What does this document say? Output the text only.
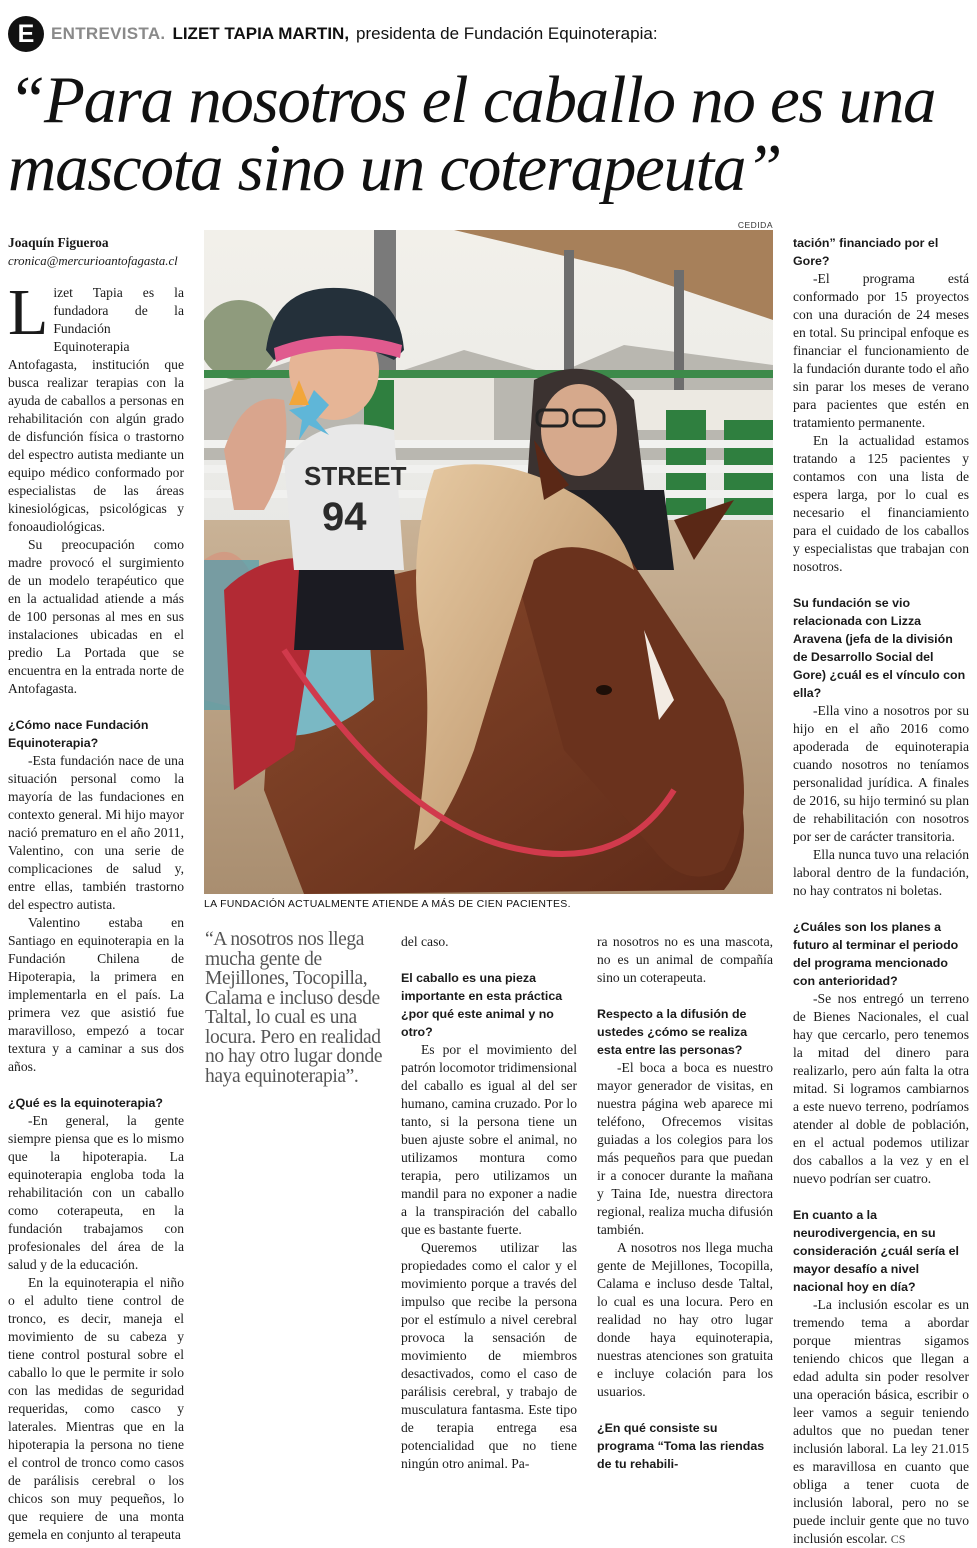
E ENTREVISTA. LIZET TAPIA MARTIN, presidenta de Fundación Equinoterapia:
“Para nosotros el caballo no es una
mascota sino un coterapeuta”

Joaquín Figueroa

cronica@mercurioantofagasta.cl

Lizet Tapia es la fundadora de la Fundación Equinoterapia Antofagasta, institución que busca realizar terapias con la ayuda de caballos a personas en rehabilitación con algún grado de disfunción física o trastorno del espectro autista mediante un equipo médico conformado por especialistas de las áreas kinesiológicas, psicológicas y fonoaudiológicas.

Su preocupación como madre provocó el surgimiento de un modelo terapéutico que en la actualidad atiende a más de 100 personas al mes en sus instalaciones ubicadas en el predio La Portada que se encuentra en la entrada norte de Antofagasta.

¿Cómo nace Fundación Equinoterapia?

-Esta fundación nace de una situación personal como la mayoría de las fundaciones en contexto general. Mi hijo mayor nació prematuro en el año 2011, Valentino, con una serie de complicaciones de salud y, entre ellas, también trastorno del espectro autista.

Valentino estaba en Santiago en equinoterapia en la Fundación Chilena de Hipoterapia, la primera en implementarla en el país. La primera vez que asistió fue maravilloso, empezó a tocar textura y a caminar a sus dos años.

¿Qué es la equinoterapia?

-En general, la gente siempre piensa que es lo mismo que la hipoterapia. La equinoterapia engloba toda la rehabilitación con un caballo como coterapeuta, en la fundación trabajamos con profesionales del área de la salud y de la educación.

En la equinoterapia el niño o el adulto tiene control de tronco, es decir, maneja el movimiento de su cabeza y tiene control postural sobre el caballo lo que le permite ir solo con las medidas de seguridad requeridas, como casco y laterales. Mientras que en la hipoterapia la persona no tiene el control de tronco como casos de parálisis cerebral o los chicos son muy pequeños, lo que requiere de una monta gemela en conjunto al terapeuta

CEDIDA
STREET
94
LA FUNDACIÓN ACTUALMENTE ATIENDE A MÁS DE CIEN PACIENTES.
“A nosotros nos llega mucha gente de Mejillones, Tocopilla, Calama e incluso desde Taltal, lo cual es una locura. Pero en realidad no hay otro lugar donde haya equinoterapia”.

del caso.

El caballo es una pieza importante en esta práctica ¿por qué este animal y no otro?

Es por el movimiento del patrón locomotor tridimensional del caballo es igual al del ser humano, camina cruzado. Por lo tanto, si la persona tiene un buen ajuste sobre el animal, no utilizamos montura como terapia, pero utilizamos un mandil para no exponer a nadie a la transpiración del caballo que es bastante fuerte.

Queremos utilizar las propiedades como el calor y el movimiento porque a través del impulso que recibe la persona por el estímulo a nivel cerebral provoca la sensación de movimiento de miembros desactivados, como el caso de parálisis cerebral, y trabajo de musculatura fantasma. Este tipo de terapia entrega esa potencialidad que no tiene ningún otro animal. Pa-

ra nosotros no es una mascota, no es un animal de compañía sino un coterapeuta.

Respecto a la difusión de ustedes ¿cómo se realiza esta entre las personas?

-El boca a boca es nuestro mayor generador de visitas, en nuestra página web aparece mi teléfono, Ofrecemos visitas guiadas a los colegios para los más pequeños para que puedan ir a conocer durante la mañana y Taina Ide, nuestra directora regional, realiza mucha difusión también.

A nosotros nos llega mucha gente de Mejillones, Tocopilla, Calama e incluso desde Taltal, lo cual es una locura. Pero en realidad no hay otro lugar donde haya equinoterapia, nuestras atenciones son gratuita e incluye colación para los usuarios.

¿En qué consiste su programa “Toma las riendas de tu rehabili-

tación” financiado por el Gore?

-El programa está conformado por 15 proyectos con una duración de 24 meses en total. Su principal enfoque es financiar el funcionamiento de la fundación durante todo el año sin parar los meses de verano para pacientes que estén en tratamiento permanente.

En la actualidad estamos tratando a 125 pacientes y contamos con una lista de espera larga, por lo cual es necesario el financiamiento para el cuidado de los caballos y especialistas que trabajan con nosotros.

Su fundación se vio relacionada con Lizza Aravena (jefa de la división de Desarrollo Social del Gore) ¿cuál es el vínculo con ella?

-Ella vino a nosotros por su hijo en el año 2016 como apoderada de equinoterapia cuando nosotros no teníamos personalidad jurídica. A finales de 2016, su hijo terminó su plan de rehabilitación con nosotros por ser de carácter transitoria.

Ella nunca tuvo una relación laboral dentro de la fundación, no hay contratos ni boletas.

¿Cuáles son los planes a futuro al terminar el periodo del programa mencionado con anterioridad?

-Se nos entregó un terreno de Bienes Nacionales, el cual hay que cercarlo, pero tenemos la mitad del dinero para realizarlo, pero aún falta la otra mitad. Si logramos cambiarnos a este nuevo terreno, podríamos atender al doble de población, en el actual podemos utilizar dos caballos a la vez y en el nuevo podrían ser cuatro.

En cuanto a la neurodivergencia, en su consideración ¿cuál sería el mayor desafío a nivel nacional hoy en día?

-La inclusión escolar es un tremendo tema a abordar porque mientras sigamos teniendo chicos que llegan a edad adulta sin poder resolver una operación básica, escribir o leer vamos a seguir teniendo adultos que no puedan tener inclusión laboral. La ley 21.015 es maravillosa en cuanto que obliga a tener cuota de inclusión laboral, pero no se puede incluir gente que no tuvo inclusión escolar. CS
